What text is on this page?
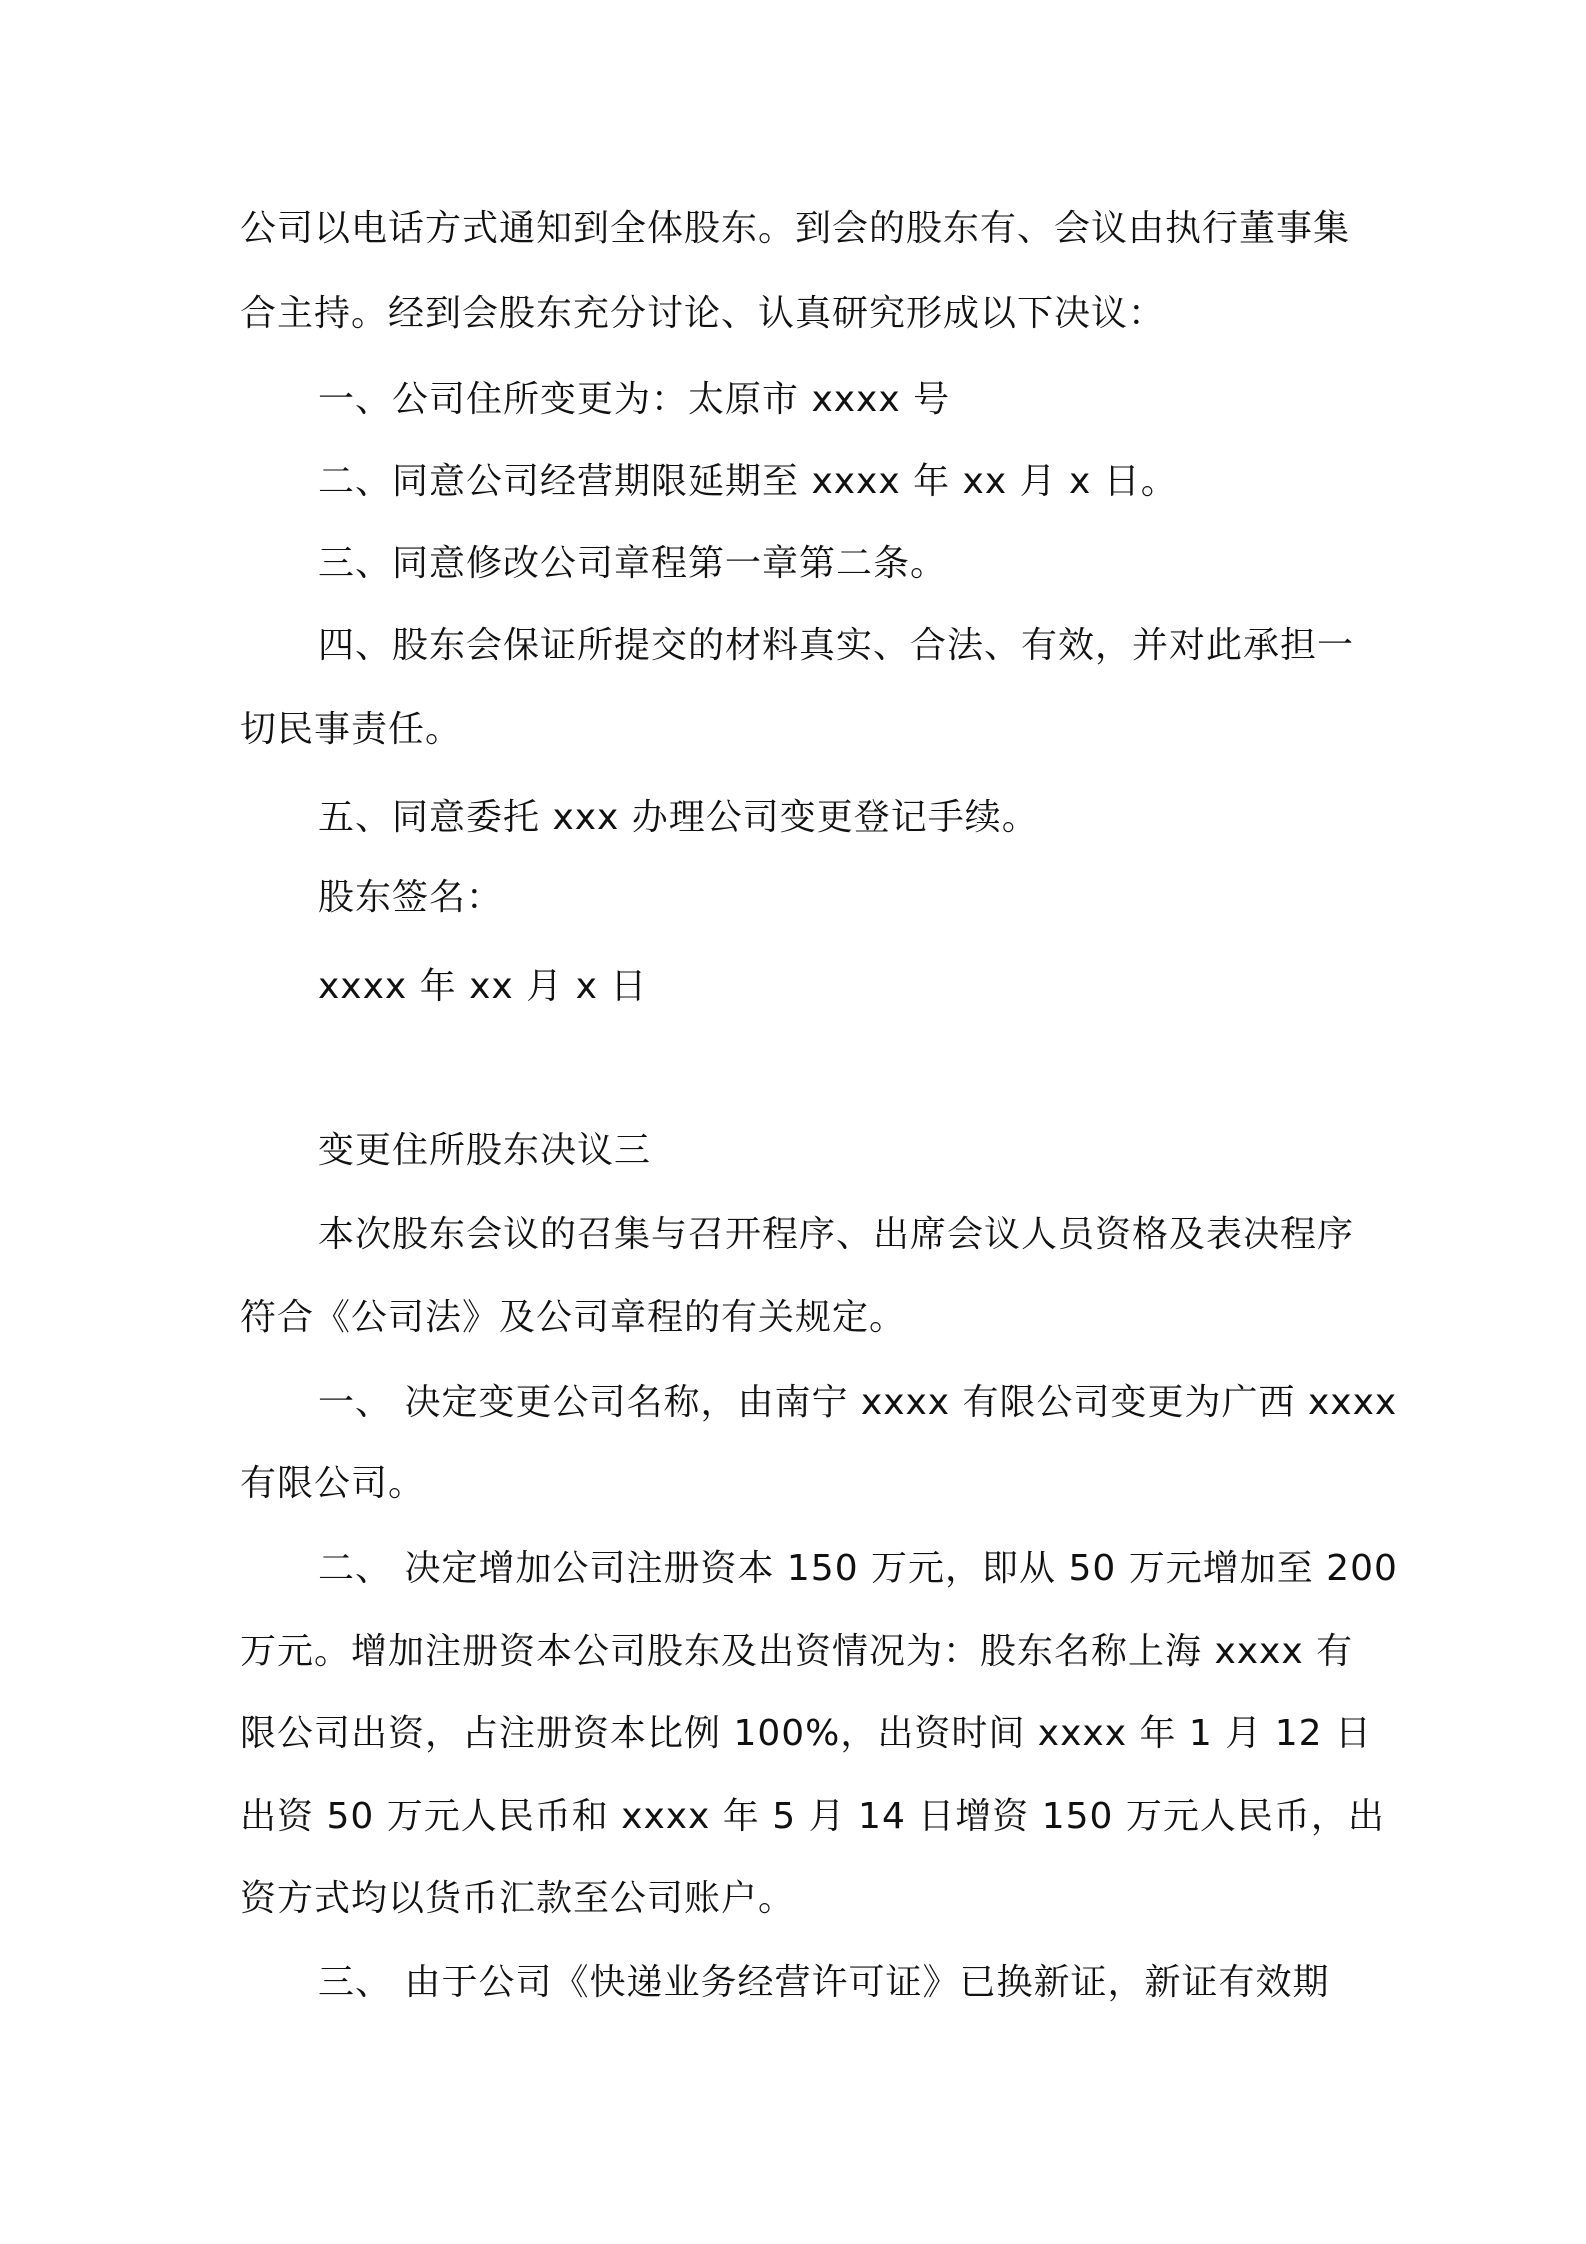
公司以电话方式通知到全体股东。到会的股东有、会议由执行董事集
合主持。经到会股东充分讨论、认真研究形成以下决议：
一、公司住所变更为：太原市 xxxx 号
二、同意公司经营期限延期至 xxxx 年 xx 月 x 日。
三、同意修改公司章程第一章第二条。
四、股东会保证所提交的材料真实、合法、有效，并对此承担一
切民事责任。
五、同意委托 xxx 办理公司变更登记手续。
股东签名：
xxxx 年 xx 月 x 日
变更住所股东决议三
本次股东会议的召集与召开程序、出席会议人员资格及表决程序
符合《公司法》及公司章程的有关规定。
一、 决定变更公司名称，由南宁 xxxx 有限公司变更为广西 xxxx
有限公司。
二、 决定增加公司注册资本 150 万元，即从 50 万元增加至 200
万元。增加注册资本公司股东及出资情况为：股东名称上海 xxxx 有
限公司出资，占注册资本比例 100%，出资时间 xxxx 年 1 月 12 日
出资 50 万元人民币和 xxxx 年 5 月 14 日增资 150 万元人民币，出
资方式均以货币汇款至公司账户。
三、 由于公司《快递业务经营许可证》已换新证，新证有效期
